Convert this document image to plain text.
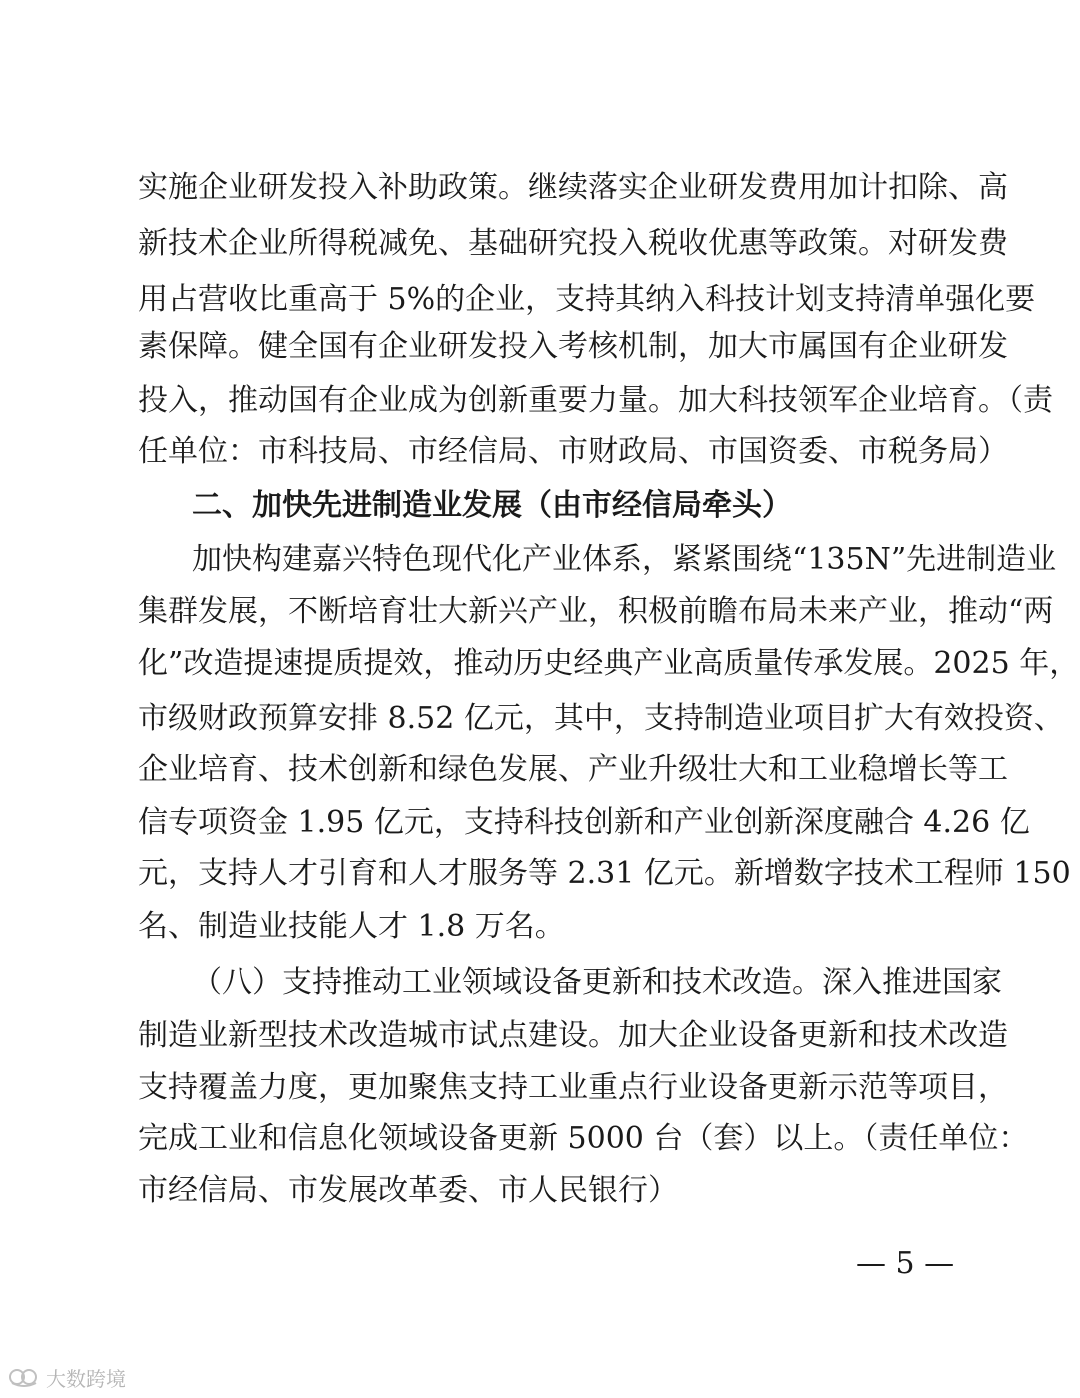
实施企业研发投入补助政策。继续落实企业研发费用加计扣除、高
新技术企业所得税减免、基础研究投入税收优惠等政策。对研发费
用占营收比重高于 5%的企业，支持其纳入科技计划支持清单强化要
素保障。健全国有企业研发投入考核机制，加大市属国有企业研发
投入，推动国有企业成为创新重要力量。加大科技领军企业培育。（责
任单位：市科技局、市经信局、市财政局、市国资委、市税务局）
二、加快先进制造业发展（由市经信局牵头）
加快构建嘉兴特色现代化产业体系，紧紧围绕“135N”先进制造业
集群发展，不断培育壮大新兴产业，积极前瞻布局未来产业，推动“两
化”改造提速提质提效，推动历史经典产业高质量传承发展。2025 年，
市级财政预算安排 8.52 亿元，其中，支持制造业项目扩大有效投资、
企业培育、技术创新和绿色发展、产业升级壮大和工业稳增长等工
信专项资金 1.95 亿元，支持科技创新和产业创新深度融合 4.26 亿
元，支持人才引育和人才服务等 2.31 亿元。新增数字技术工程师 150
名、制造业技能人才 1.8 万名。
（八）支持推动工业领域设备更新和技术改造。深入推进国家
制造业新型技术改造城市试点建设。加大企业设备更新和技术改造
支持覆盖力度，更加聚焦支持工业重点行业设备更新示范等项目，
完成工业和信息化领域设备更新 5000 台（套）以上。（责任单位：
市经信局、市发展改革委、市人民银行）
— 5 —
大数跨境
